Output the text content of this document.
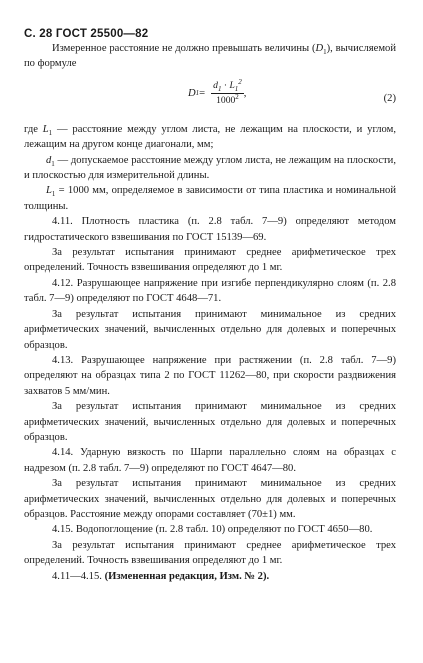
С. 28 ГОСТ 25500—82

Измеренное расстояние не должно превышать величины $(D_1)$, вычисляемой по формуле

D $1 = \frac{d_1 \cdot L_1^2}{1000^2}$ ,	(2)

где $L_1$ — расстояние между углом листа, не лежащим на плоскости, и углом, лежащим на другом конце диагонали, мм;

$d_1$ — допускаемое расстояние между углом листа, не лежащим на плоскости, и плоскостью для измерительной длины.

$L_1 = 1000$ мм, определяемое в зависимости от типа пластика и номинальной толщины.

4.11. Плотность пластика (п. 2.8 табл. 7—9) определяют методом гидростатического взвешивания по ГОСТ 15139—69.

За результат испытания принимают среднее арифметическое трех определений. Точность взвешивания определяют до 1 мг.

4.12. Разрушающее напряжение при изгибе перпендикулярно слоям (п. 2.8 табл. 7—9) определяют по ГОСТ 4648—71.

За результат испытания принимают минимальное из средних арифметических значений, вычисленных отдельно для долевых и поперечных образцов.

4.13. Разрушающее напряжение при растяжении (п. 2.8 табл. 7—9) определяют на образцах типа 2 по ГОСТ 11262—80, при скорости раздвижения захватов 5 мм/мин.

За результат испытания принимают минимальное из средних арифметических значений, вычисленных отдельно для долевых и поперечных образцов.

4.14. Ударную вязкость по Шарпи параллельно слоям на образцах с надрезом (п. 2.8 табл. 7—9) определяют по ГОСТ 4647—80.

За результат испытания принимают минимальное из средних арифметических значений, вычисленных отдельно для долевых и поперечных образцов. Расстояние между опорами составляет (70±1) мм.

4.15. Водопоглощение (п. 2.8 табл. 10) определяют по ГОСТ 4650—80.

За результат испытания принимают среднее арифметическое трех определений. Точность взвешивания определяют до 1 мг.

4.11—4.15. (Измененная редакция, Изм. № 2).
